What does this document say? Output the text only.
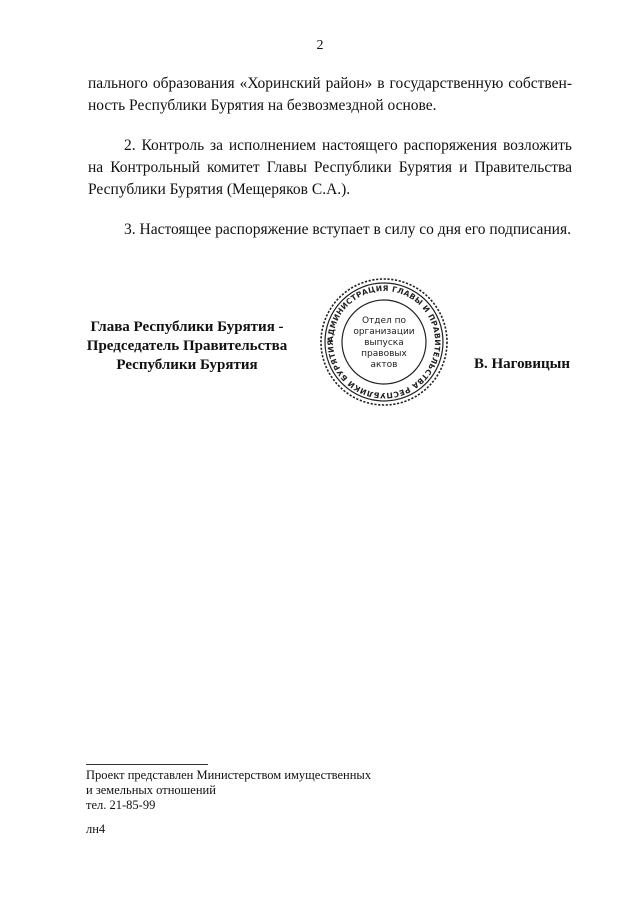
2

пального образования «Хоринский район» в государственную собственность Республики Бурятия на безвозмездной основе.

2. Контроль за исполнением настоящего распоряжения возложить на Контрольный комитет Главы Республики Бурятия и Правительства Республики Бурятия (Мещеряков С.А.).

3. Настоящее распоряжение вступает в силу со дня его подписания.

Глава Республики Бурятия -
Председатель Правительства
Республики Бурятия
АДМИНИСТРАЦИЯ ГЛАВЫ И ПРАВИТЕЛЬСТВА РЕСПУБЛИКИ БУРЯТИЯ
Отдел по
организации
выпуска
правовых
актов	В. Наговицын
Проект представлен Министерством имущественных
и земельных отношений
тел. 21-85-99
лн4
